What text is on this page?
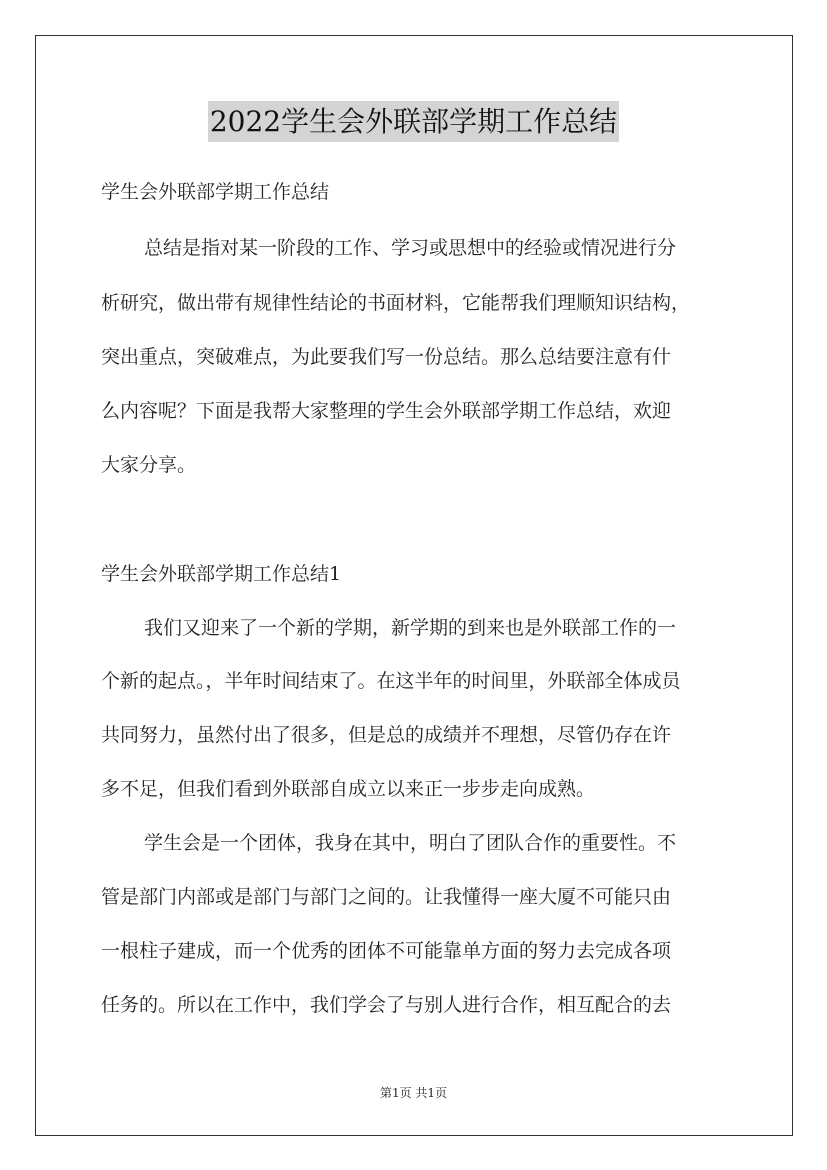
2022学生会外联部学期工作总结
学生会外联部学期工作总结
总结是指对某一阶段的工作、学习或思想中的经验或情况进行分
析研究，做出带有规律性结论的书面材料，它能帮我们理顺知识结构，
突出重点，突破难点，为此要我们写一份总结。那么总结要注意有什
么内容呢？下面是我帮大家整理的学生会外联部学期工作总结，欢迎
大家分享。
学生会外联部学期工作总结1
我们又迎来了一个新的学期，新学期的到来也是外联部工作的一
个新的起点。，半年时间结束了。在这半年的时间里，外联部全体成员
共同努力，虽然付出了很多，但是总的成绩并不理想，尽管仍存在许
多不足，但我们看到外联部自成立以来正一步步走向成熟。
学生会是一个团体，我身在其中，明白了团队合作的重要性。不
管是部门内部或是部门与部门之间的。让我懂得一座大厦不可能只由
一根柱子建成，而一个优秀的团体不可能靠单方面的努力去完成各项
任务的。所以在工作中，我们学会了与别人进行合作，相互配合的去
第1页 共1页
